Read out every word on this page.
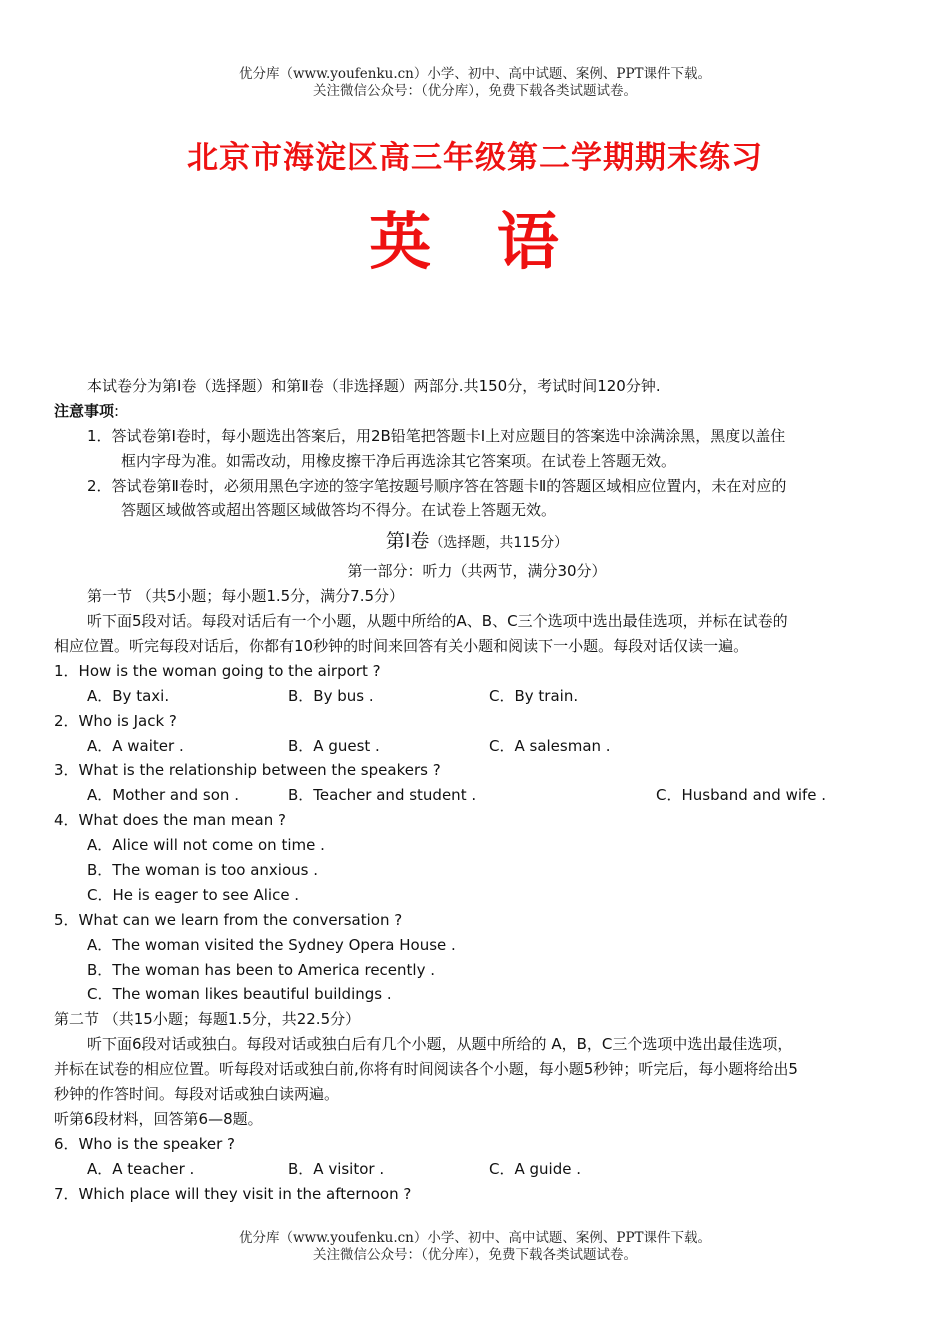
优分库（www.youfenku.cn）小学、初中、高中试题、案例、PPT课件下载。
关注微信公众号：（优分库），免费下载各类试题试卷。
北京市海淀区高三年级第二学期期末练习
英 语
本试卷分为第Ⅰ卷（选择题）和第Ⅱ卷（非选择题）两部分.共150分，考试时间120分钟.
注意事项:
1．答试卷第Ⅰ卷时，每小题选出答案后，用2B铅笔把答题卡Ⅰ上对应题目的答案选中涂满涂黑，黑度以盖住
框内字母为准。如需改动，用橡皮擦干净后再选涂其它答案项。在试卷上答题无效。
2．答试卷第Ⅱ卷时，必须用黑色字迹的签字笔按题号顺序答在答题卡Ⅱ的答题区域相应位置内，未在对应的
答题区域做答或超出答题区域做答均不得分。在试卷上答题无效。
第Ⅰ卷（选择题，共115分）
第一部分：听力（共两节，满分30分）
第一节 （共5小题；每小题1.5分，满分7.5分）
听下面5段对话。每段对话后有一个小题，从题中所给的A、B、C三个选项中选出最佳选项，并标在试卷的
相应位置。听完每段对话后，你都有10秒钟的时间来回答有关小题和阅读下一小题。每段对话仅读一遍。
1．How is the woman going to the airport ?
A．By taxi.	B．By bus .	C．By train.
2．Who is Jack ?
A．A waiter .	B．A guest .	C．A salesman .
3．What is the relationship between the speakers ?
A．Mother and son .	B．Teacher and student .	C．Husband and wife .
4．What does the man mean ?
A．Alice will not come on time .
B．The woman is too anxious .
C．He is eager to see Alice .
5．What can we learn from the conversation ?
A．The woman visited the Sydney Opera House .
B．The woman has been to America recently .
C．The woman likes beautiful buildings .
第二节 （共15小题；每题1.5分，共22.5分）
听下面6段对话或独白。每段对话或独白后有几个小题，从题中所给的 A，B，C三个选项中选出最佳选项，
并标在试卷的相应位置。听每段对话或独白前,你将有时间阅读各个小题，每小题5秒钟；听完后，每小题将给出5
秒钟的作答时间。每段对话或独白读两遍。
听第6段材料，回答第6—8题。
6．Who is the speaker ?
A．A teacher .	B．A visitor .	C．A guide .
7．Which place will they visit in the afternoon ?
优分库（www.youfenku.cn）小学、初中、高中试题、案例、PPT课件下载。
关注微信公众号：（优分库），免费下载各类试题试卷。
